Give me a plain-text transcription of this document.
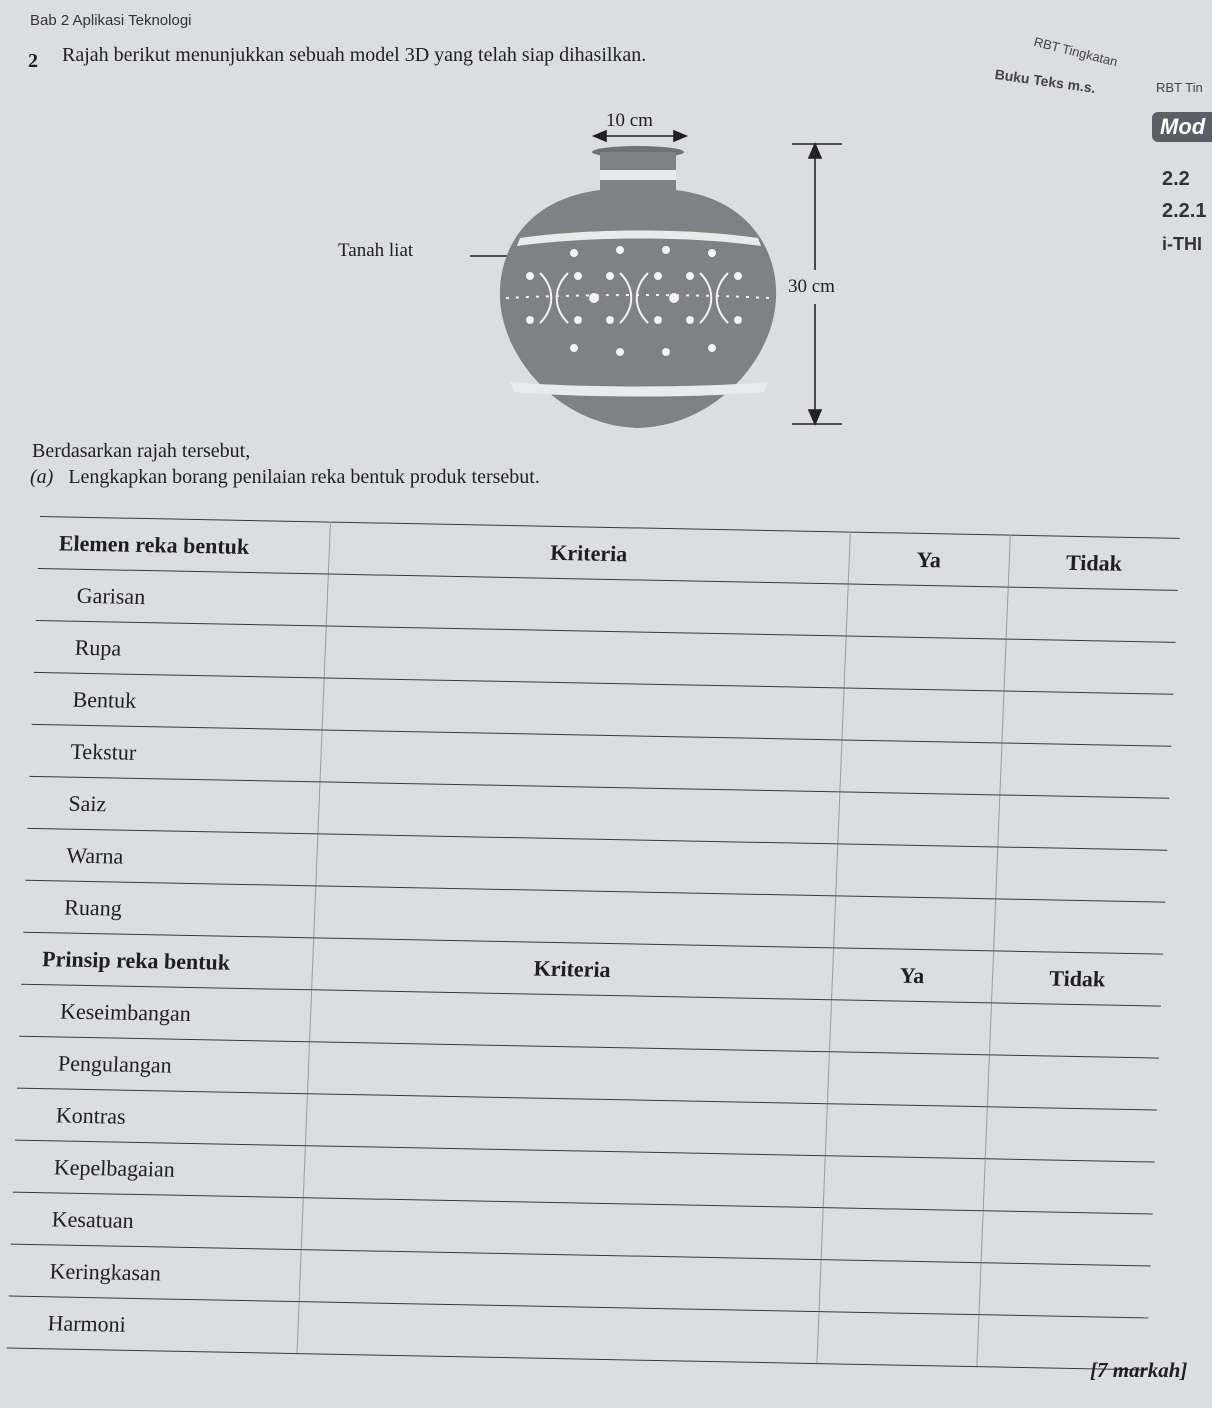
Bab 2 Aplikasi Teknologi
RBT Tingkatan
Buku Teks m.s.	RBT Tin
Mod
2.2
2.2.1
i-THI
2 Rajah berikut menunjukkan sebuah model 3D yang telah siap dihasilkan.
10 cm
30 cm
Tanah liat
Berdasarkan rajah tersebut,
(a) Lengkapkan borang penilaian reka bentuk produk tersebut.
Elemen reka bentuk	Kriteria	Ya	Tidak
Garisan			
Rupa			
Bentuk			
Tekstur			
Saiz			
Warna			
Ruang			
Prinsip reka bentuk	Kriteria	Ya	Tidak
Keseimbangan			
Pengulangan			
Kontras			
Kepelbagaian			
Kesatuan			
Keringkasan			
Harmoni			
[7 markah]
